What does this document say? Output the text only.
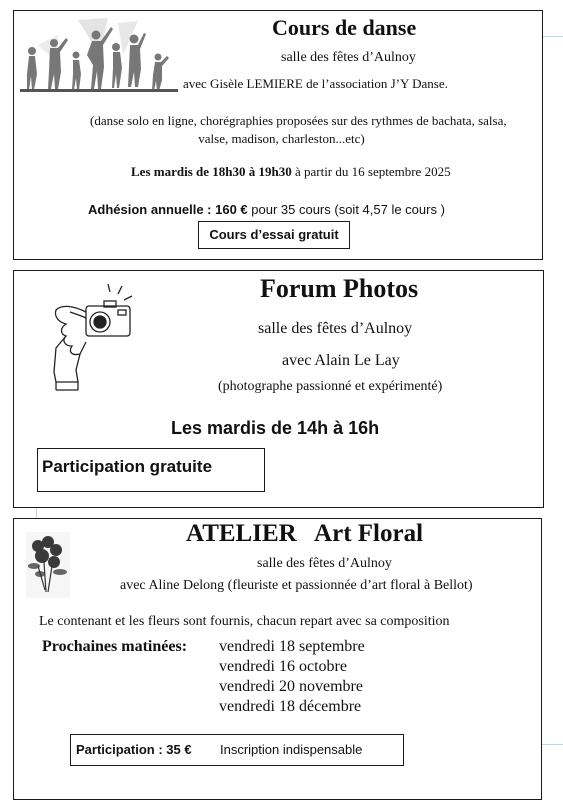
Cours de danse
salle des fêtes d’Aulnoy
avec Gisèle LEMIERE de l’association J’Y Danse.
(danse solo en ligne, chorégraphies proposées sur des rythmes de bachata, salsa,
valse, madison, charleston...etc)
Les mardis de 18h30 à 19h30 à partir du 16 septembre 2025
Adhésion annuelle : 160 € pour 35 cours (soit 4,57 le cours )
Cours d’essai gratuit
Forum Photos
salle des fêtes d’Aulnoy
avec Alain Le Lay
(photographe passionné et expérimenté)
Les mardis de 14h à 16h
Participation gratuite
ATELIER   Art Floral
salle des fêtes d’Aulnoy
avec Aline Delong (fleuriste et passionnée d’art floral à Bellot)
Le contenant et les fleurs sont fournis, chacun repart avec sa composition
Prochaines matinées: vendredi 18 septembre
vendredi 16 octobre
vendredi 20 novembre
vendredi 18 décembre
Participation : 35 € Inscription indispensable
